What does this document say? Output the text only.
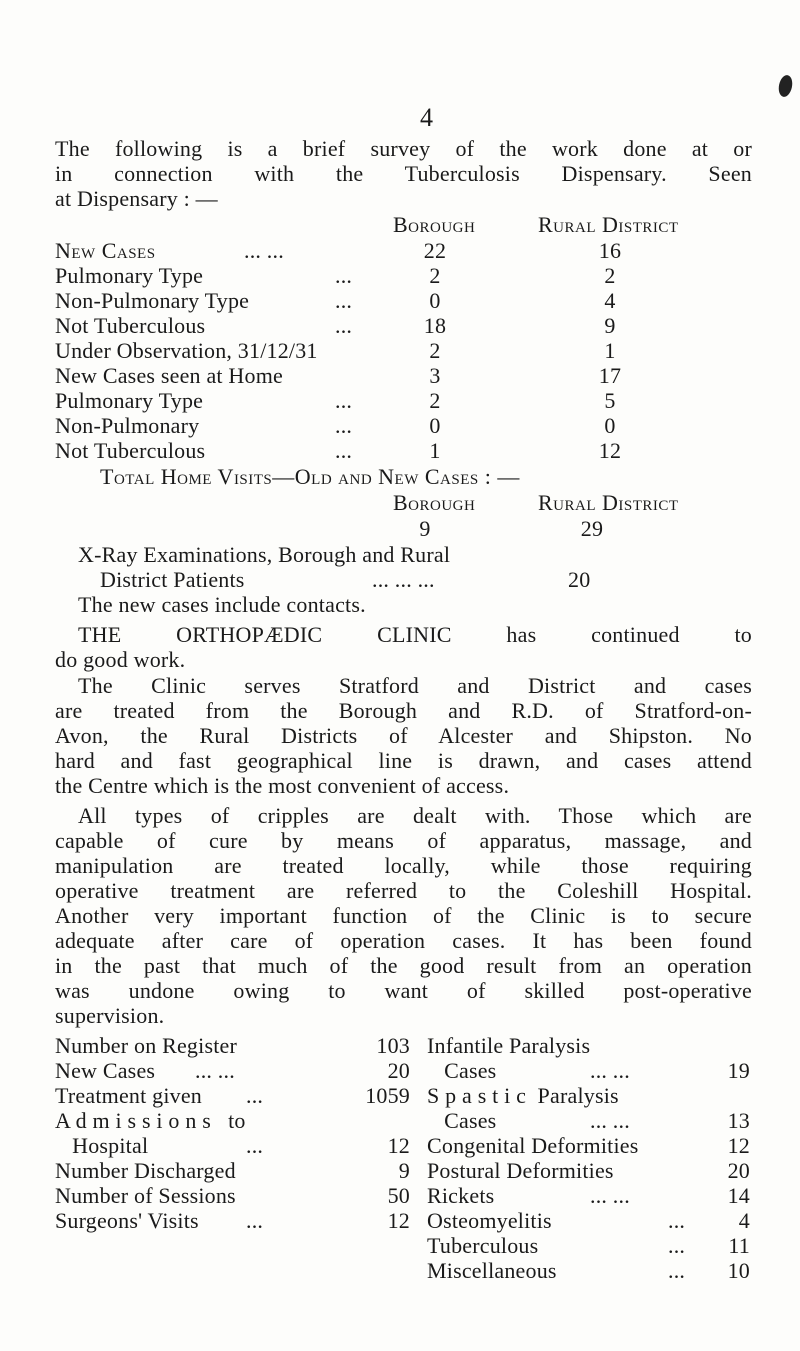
4
The following is a brief survey of the work done at or
in connection with the Tuberculosis Dispensary. Seen
at Dispensary : —
Borough	Rural District
New Cases	... ...	22	16
Pulmonary Type	...	2	2
Non-Pulmonary Type	...	0	4
Not Tuberculous	...	18	9
Under Observation, 31/12/31	2	1
New Cases seen at Home	3	17
Pulmonary Type	...	2	5
Non-Pulmonary	...	0	0
Not Tuberculous	...	1	12
Total Home Visits—Old and New Cases : —
Borough	Rural District
9	29
X-Ray Examinations, Borough and Rural
District Patients	... ... ...	20
The new cases include contacts.
THE ORTHOPÆDIC CLINIC has continued to
do good work.
The Clinic serves Stratford and District and cases
are treated from the Borough and R.D. of Stratford-on-
Avon, the Rural Districts of Alcester and Shipston. No
hard and fast geographical line is drawn, and cases attend
the Centre which is the most convenient of access.
All types of cripples are dealt with. Those which are
capable of cure by means of apparatus, massage, and
manipulation are treated locally, while those requiring
operative treatment are referred to the Coleshill Hospital.
Another very important function of the Clinic is to secure
adequate after care of operation cases. It has been found
in the past that much of the good result from an operation
was undone owing to want of skilled post-operative
supervision.
Number on Register	103
New Cases ... ...	20
Treatment given ...	1059
A d m i s s i o n s   to
Hospital	...	12
Number Discharged	9
Number of Sessions	50
Surgeons' Visits ...	12
Infantile Paralysis
Cases	... ...	19
S p a s t i c  Paralysis
Cases	... ...	13
Congenital Deformities	12
Postural Deformities	20
Rickets	... ...	14
Osteomyelitis	...	4
Tuberculous	...	11
Miscellaneous	...	10
